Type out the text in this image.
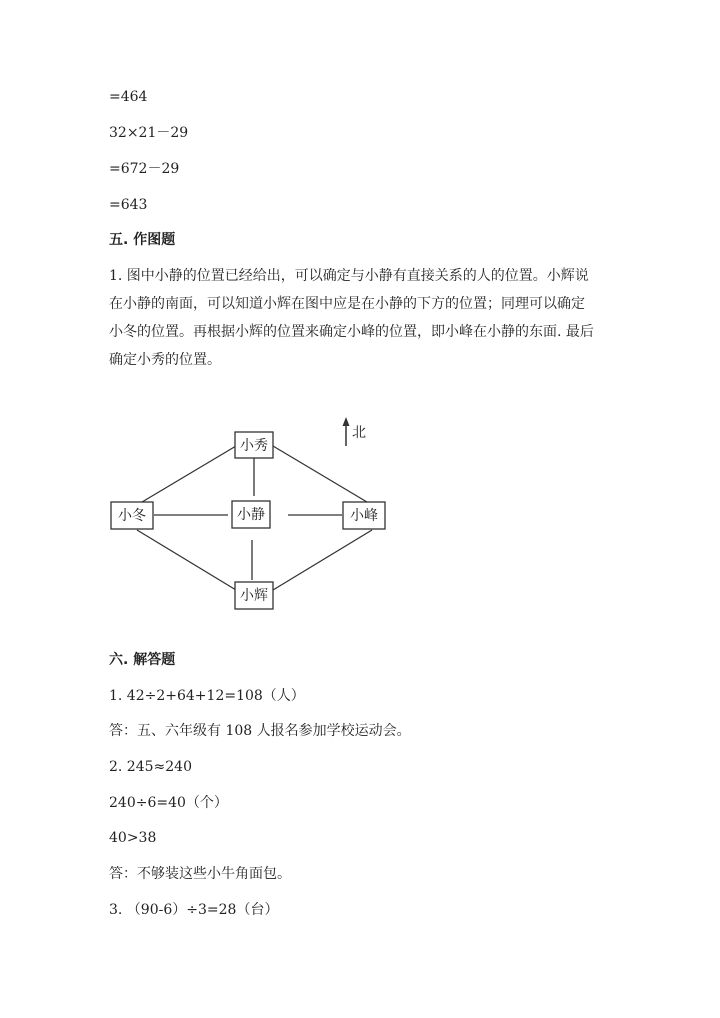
=464
32×21－29
=672－29
=643
五. 作图题
1. 图中小静的位置已经给出，可以确定与小静有直接关系的人的位置。小辉说
在小静的南面，可以知道小辉在图中应是在小静的下方的位置；同理可以确定
小冬的位置。再根据小辉的位置来确定小峰的位置，即小峰在小静的东面. 最后
确定小秀的位置。
小秀
小冬	小静	小峰
小辉
北
六. 解答题
1. 42÷2+64+12=108（人）
答：五、六年级有 108 人报名参加学校运动会。
2. 245≈240
240÷6=40（个）
40>38
答：不够装这些小牛角面包。
3. （90-6）÷3=28（台）
